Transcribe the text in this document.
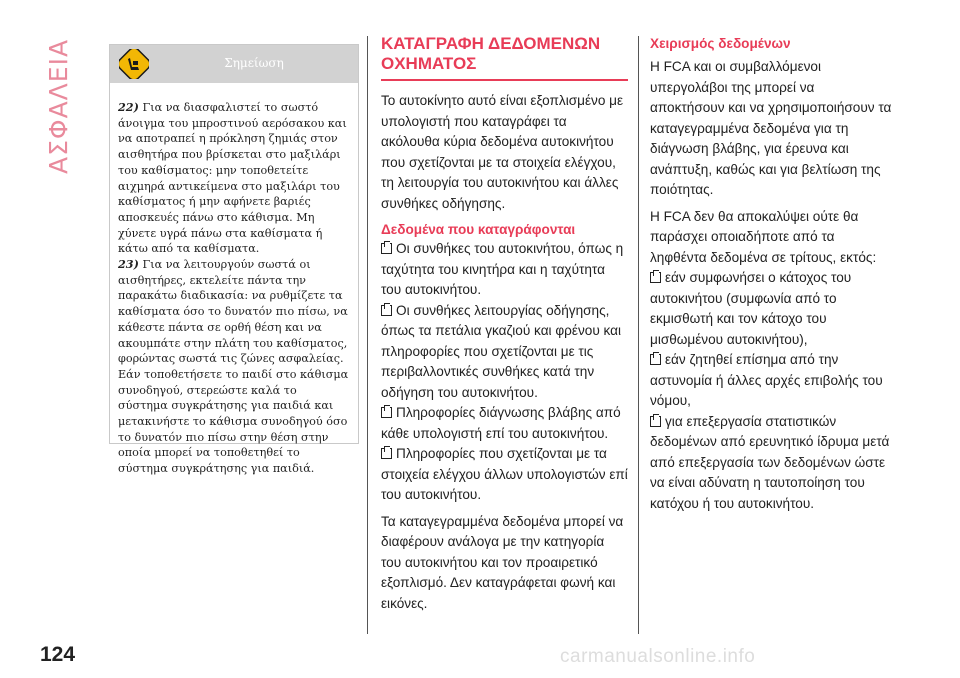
ΑΣΦΑΛΕΙΑ	Σημείωση

22) Για να διασφαλιστεί το σωστό άνοιγμα του μπροστινού αερόσακου και να αποτραπεί η πρόκληση ζημιάς στον αισθητήρα που βρίσκεται στο μαξιλάρι του καθίσματος: μην τοποθετείτε αιχμηρά αντικείμενα στο μαξιλάρι του καθίσματος ή μην αφήνετε βαριές αποσκευές πάνω στο κάθισμα. Μη χύνετε υγρά πάνω στα καθίσματα ή κάτω από τα καθίσματα.

23) Για να λειτουργούν σωστά οι αισθητήρες, εκτελείτε πάντα την παρακάτω διαδικασία: να ρυθμίζετε τα καθίσματα όσο το δυνατόν πιο πίσω, να κάθεστε πάντα σε ορθή θέση και να ακουμπάτε στην πλάτη του καθίσματος, φορώντας σωστά τις ζώνες ασφαλείας. Εάν τοποθετήσετε το παιδί στο κάθισμα συνοδηγού, στερεώστε καλά το σύστημα συγκράτησης για παιδιά και μετακινήστε το κάθισμα συνοδηγού όσο το δυνατόν πιο πίσω στην θέση στην οποία μπορεί να τοποθετηθεί το σύστημα συγκράτησης για παιδιά.

ΚΑΤΑΓΡΑΦΗ ΔΕΔΟΜΕΝΩΝ ΟΧΗΜΑΤΟΣ

Το αυτοκίνητο αυτό είναι εξοπλισμένο με υπολογιστή που καταγράφει τα ακόλουθα κύρια δεδομένα αυτοκινήτου που σχετίζονται με τα στοιχεία ελέγχου, τη λειτουργία του αυτοκινήτου και άλλες συνθήκες οδήγησης.

Δεδομένα που καταγράφονται

Οι συνθήκες του αυτοκινήτου, όπως η ταχύτητα του κινητήρα και η ταχύτητα του αυτοκινήτου.

Οι συνθήκες λειτουργίας οδήγησης, όπως τα πετάλια γκαζιού και φρένου και πληροφορίες που σχετίζονται με τις περιβαλλοντικές συνθήκες κατά την οδήγηση του αυτοκινήτου.

Πληροφορίες διάγνωσης βλάβης από κάθε υπολογιστή επί του αυτοκινήτου.

Πληροφορίες που σχετίζονται με τα στοιχεία ελέγχου άλλων υπολογιστών επί του αυτοκινήτου.

Τα καταγεγραμμένα δεδομένα μπορεί να διαφέρουν ανάλογα με την κατηγορία του αυτοκινήτου και τον προαιρετικό εξοπλισμό. Δεν καταγράφεται φωνή και εικόνες.

Χειρισμός δεδομένων

Η FCA και οι συμβαλλόμενοι υπεργολάβοι της μπορεί να αποκτήσουν και να χρησιμοποιήσουν τα καταγεγραμμένα δεδομένα για τη διάγνωση βλάβης, για έρευνα και ανάπτυξη, καθώς και για βελτίωση της ποιότητας.

Η FCA δεν θα αποκαλύψει ούτε θα παράσχει οποιαδήποτε από τα ληφθέντα δεδομένα σε τρίτους, εκτός:

εάν συμφωνήσει ο κάτοχος του αυτοκινήτου (συμφωνία από το εκμισθωτή και τον κάτοχο του μισθωμένου αυτοκινήτου),

εάν ζητηθεί επίσημα από την αστυνομία ή άλλες αρχές επιβολής του νόμου,

για επεξεργασία στατιστικών δεδομένων από ερευνητικό ίδρυμα μετά από επεξεργασία των δεδομένων ώστε να είναι αδύνατη η ταυτοποίηση του κατόχου ή του αυτοκινήτου.

124	carmanualsonline.info
